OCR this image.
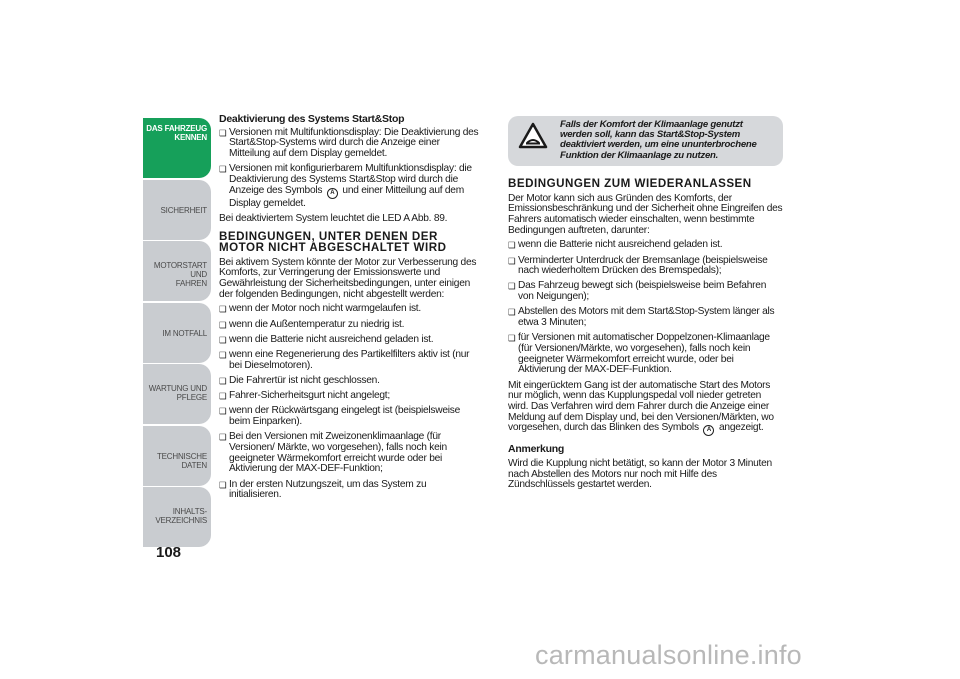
DAS FAHRZEUG
KENNEN
SICHERHEIT
MOTORSTART UND
FAHREN
IM NOTFALL
WARTUNG UND
PFLEGE
TECHNISCHE DATEN
INHALTS-
VERZEICHNIS
108
Deaktivierung des Systems Start&Stop
❑ Versionen mit Multifunktionsdisplay: Die Deaktivierung des Start&Stop-Systems wird durch die Anzeige einer Mitteilung auf dem Display gemeldet.
❑ Versionen mit konfigurierbarem Multifunktionsdisplay: die Deaktivierung des Systems Start&Stop wird durch die Anzeige des Symbols A und einer Mitteilung auf dem Display gemeldet.
Bei deaktiviertem System leuchtet die LED A Abb. 89.
BEDINGUNGEN, UNTER DENEN DER MOTOR NICHT ABGESCHALTET WIRD
Bei aktivem System könnte der Motor zur Verbesserung des Komforts, zur Verringerung der Emissionswerte und Gewährleistung der Sicherheitsbedingungen, unter einigen der folgenden Bedingungen, nicht abgestellt werden:
❑ wenn der Motor noch nicht warmgelaufen ist.
❑ wenn die Außentemperatur zu niedrig ist.
❑ wenn die Batterie nicht ausreichend geladen ist.
❑ wenn eine Regenerierung des Partikelfilters aktiv ist (nur bei Dieselmotoren).
❑ Die Fahrertür ist nicht geschlossen.
❑ Fahrer-Sicherheitsgurt nicht angelegt;
❑ wenn der Rückwärtsgang eingelegt ist (beispielsweise beim Einparken).
❑ Bei den Versionen mit Zweizonenklimaanlage (für Versionen/ Märkte, wo vorgesehen), falls noch kein geeigneter Wärmekomfort erreicht wurde oder bei Aktivierung der MAX-DEF-Funktion;
❑ In der ersten Nutzungszeit, um das System zu initialisieren.
Falls der Komfort der Klimaanlage genutzt werden soll, kann das Start&Stop-System deaktiviert werden, um eine ununterbrochene Funktion der Klimaanlage zu nutzen.
BEDINGUNGEN ZUM WIEDERANLASSEN
Der Motor kann sich aus Gründen des Komforts, der Emissionsbeschränkung und der Sicherheit ohne Eingreifen des Fahrers automatisch wieder einschalten, wenn bestimmte Bedingungen auftreten, darunter:
❑ wenn die Batterie nicht ausreichend geladen ist.
❑ Verminderter Unterdruck der Bremsanlage (beispielsweise nach wiederholtem Drücken des Bremspedals);
❑ Das Fahrzeug bewegt sich (beispielsweise beim Befahren von Neigungen);
❑ Abstellen des Motors mit dem Start&Stop-System länger als etwa 3 Minuten;
❑ für Versionen mit automatischer Doppelzonen-Klimaanlage (für Versionen/Märkte, wo vorgesehen), falls noch kein geeigneter Wärmekomfort erreicht wurde, oder bei Aktivierung der MAX-DEF-Funktion.
Mit eingerücktem Gang ist der automatische Start des Motors nur möglich, wenn das Kupplungspedal voll nieder getreten wird. Das Verfahren wird dem Fahrer durch die Anzeige einer Meldung auf dem Display und, bei den Versionen/Märkten, wo vorgesehen, durch das Blinken des Symbols A angezeigt.
Anmerkung
Wird die Kupplung nicht betätigt, so kann der Motor 3 Minuten nach Abstellen des Motors nur noch mit Hilfe des Zündschlüssels gestartet werden.
carmanualsonline.info
